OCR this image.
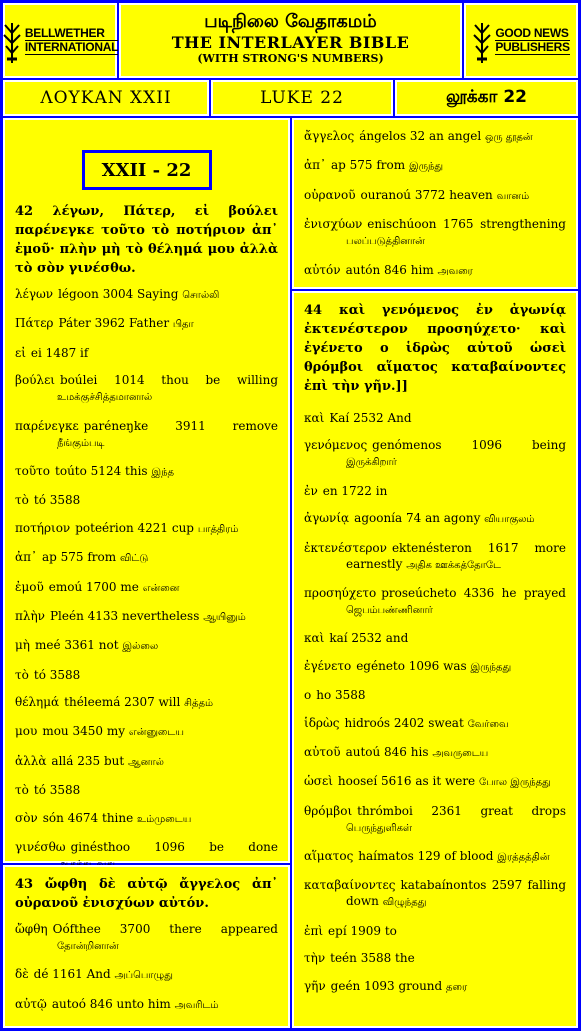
BELLWETHER
INTERNATIONAL
படிநிலை வேதாகமம்
THE INTERLAYER BIBLE
(WITH STRONG'S NUMBERS)
GOOD NEWS
PUBLISHERS
ΛΟΥΚΑΝ XXII	LUKE 22	லூக்கா 22
XXII - 22
42 λέγων, Πάτερ, εἰ βούλει παρένεγκε τοῦτο τὸ ποτήριον ἀπ᾽ ἐμοῦ· πλὴν μὴ τὸ θέλημά μου ἀλλὰ τὸ σὸν γινέσθω.
λέγων légoon 3004 Saying சொல்லி
Πάτερ Páter 3962 Father பிதா
εἰ ei 1487 if
βούλει boúlei 1014 thou be willing உமக்குச்சித்தமானால்
παρένεγκε paréneŋke 3911 remove நீங்கும்படி
τοῦτο toúto 5124 this இந்த
τὸ tó 3588
ποτήριον poteérion 4221 cup பாத்திரம்
ἀπ᾽ ap 575 from விட்டு
ἐμοῦ emoú 1700 me என்னை
πλὴν Pleén 4133 nevertheless ஆயினும்
μὴ meé 3361 not இல்லை
τὸ tó 3588
θέλημά théleemá 2307 will சித்தம்
μου mou 3450 my என்னுடைய
ἀλλὰ allá 235 but ஆனால்
τὸ tó 3588
σὸν són 4674 thine உம்முடைய
γινέσθω ginésthoo 1096 be done
43 ὤφθη δὲ αὐτῷ ἄγγελος ἀπ᾽ οὐρανοῦ ἐνισχύων αὐτόν.
ὤφθη Oófthee 3700 there appeared தோன்றினான்
δὲ dé 1161 And அப்பொழுது
αὐτῷ autoó 846 unto him அவரிடம்
ἄγγελος ángelos 32 an angel ஒரு தூதன்
ἀπ᾽ ap 575 from இருந்து
οὐρανοῦ ouranoú 3772 heaven வானம்
ἐνισχύων enischúoon 1765 strengthening பலப்படுத்தினான்
αὐτόν autón 846 him அவரை
44 καὶ γενόμενος ἐν ἀγωνίᾳ ἐκτενέστερον προσηύχετο· καὶ ἐγένετο ο ἱδρὼς αὐτοῦ ὡσεὶ θρόμβοι αἵματος καταβαίνοντες ἐπὶ τὴν γῆν.]]
καὶ Kaí 2532 And
γενόμενος genómenos 1096 being இருக்கிறார்
ἐν en 1722 in
ἀγωνίᾳ agoonía 74 an agony வியாகுலம்
ἐκτενέστερον ektenésteron 1617 more earnestly அதிக ஊக்கத்தோடே
προσηύχετο proseúcheto 4336 he prayed ஜெபம்பண்ணினார்
καὶ kaí 2532 and
ἐγένετο egéneto 1096 was இருந்தது
ο ho 3588
ἱδρὼς hidroós 2402 sweat வேர்வை
αὐτοῦ autoú 846 his அவருடைய
ὡσεὶ hooseí 5616 as it were போல இருந்தது
θρόμβοι thrómboi 2361 great drops பெருந்துளிகள்
αἵματος haímatos 129 of blood இரத்தத்தின்
καταβαίνοντες katabaínontos 2597 falling down விழுந்தது
ἐπὶ epí 1909 to
τὴν teén 3588 the
γῆν geén 1093 ground தரை
